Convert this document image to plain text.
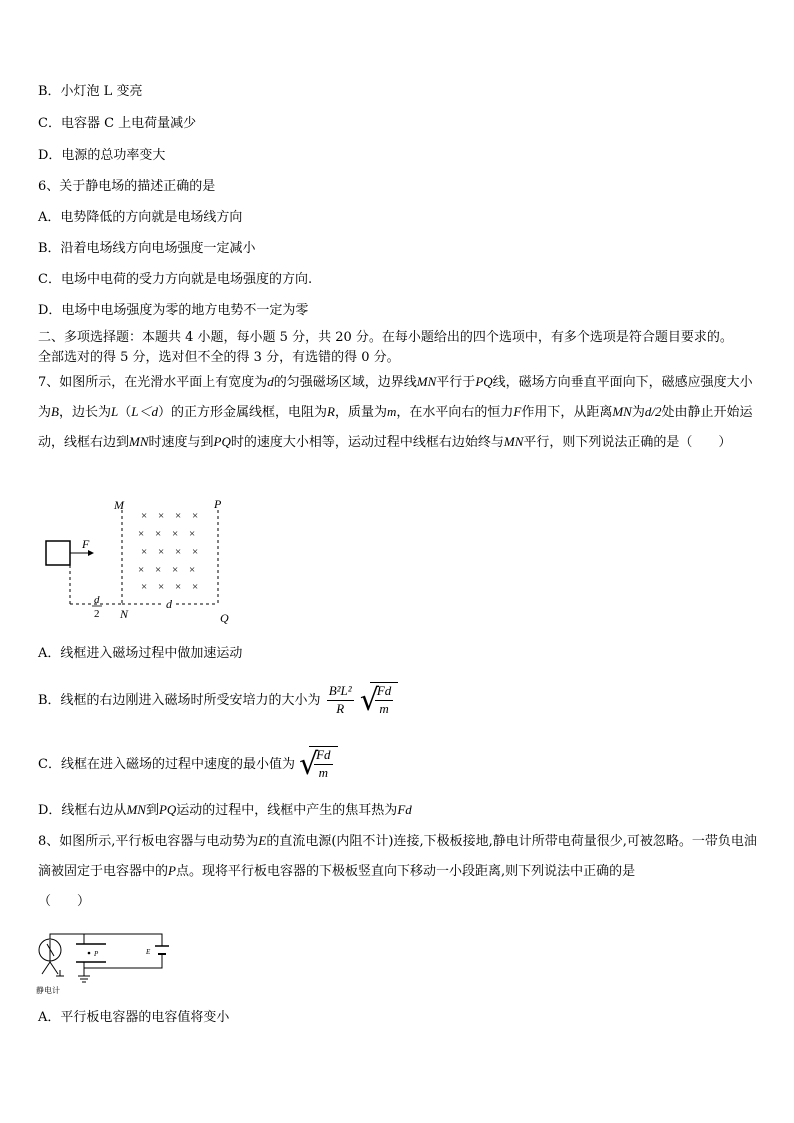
B．小灯泡 L 变亮
C．电容器 C 上电荷量减少
D．电源的总功率变大
6、关于静电场的描述正确的是
A．电势降低的方向就是电场线方向
B．沿着电场线方向电场强度一定减小
C．电场中电荷的受力方向就是电场强度的方向.
D．电场中电场强度为零的地方电势不一定为零
二、多项选择题：本题共 4 小题，每小题 5 分，共 20 分。在每小题给出的四个选项中，有多个选项是符合题目要求的。
全部选对的得 5 分，选对但不全的得 3 分，有选错的得 0 分。
7、如图所示，在光滑水平面上有宽度为d的匀强磁场区域，边界线MN平行于PQ线，磁场方向垂直平面向下，磁感应强度大小为B，边长为L（L＜d）的正方形金属线框，电阻为R，质量为m，在水平向右的恒力F作用下，从距离MN为d/2处由静止开始运动，线框右边到MN时速度与到PQ时的速度大小相等，运动过程中线框右边始终与MN平行，则下列说法正确的是（　　）
F
M	P
N	Q
× × × ×
× × × ×
× × × ×
× × × ×
× × × ×
d
2
d
A．线框进入磁场过程中做加速运动
B．线框的右边刚进入磁场时所受安培力的大小为 $\frac{\text{B²L²}}{R}$
√
$\frac{Fd}{m}$
C．线框在进入磁场的过程中速度的最小值为 √
$\frac{Fd}{m}$
D．线框右边从MN到PQ运动的过程中，线框中产生的焦耳热为Fd
8、如图所示,平行板电容器与电动势为E的直流电源(内阻不计)连接,下极板接地,静电计所带电荷量很少,可被忽略。一带负电油滴被固定于电容器中的P点。现将平行板电容器的下极板竖直向下移动一小段距离,则下列说法中正确的是
（　　）
静电计
P	E
A．平行板电容器的电容值将变小
